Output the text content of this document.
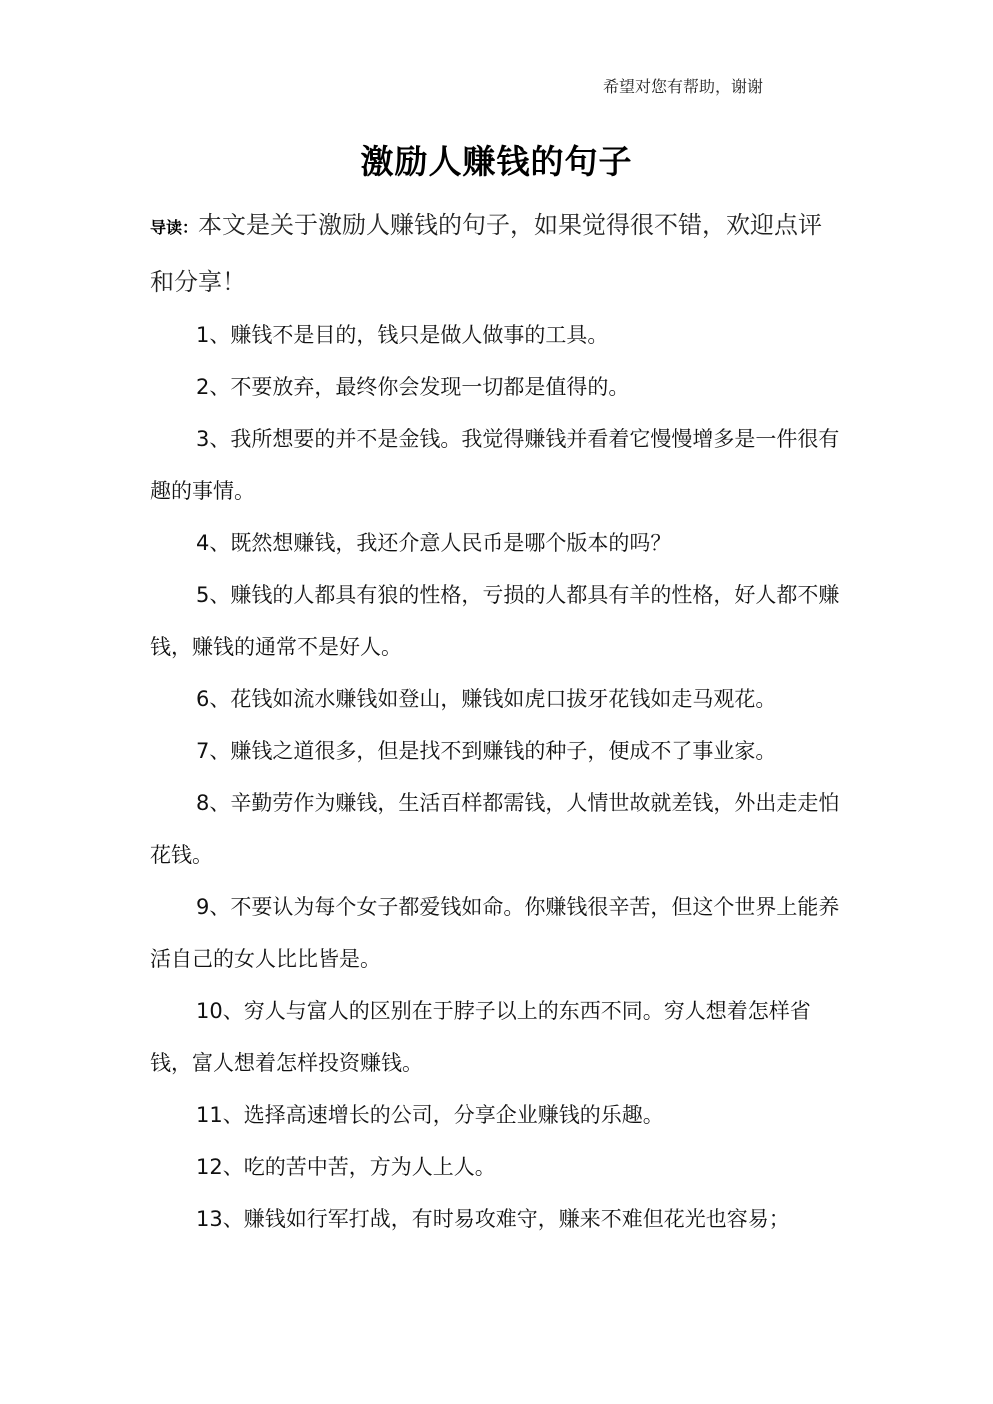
希望对您有帮助，谢谢
激励人赚钱的句子

导读：本文是关于激励人赚钱的句子，如果觉得很不错，欢迎点评和分享！

1、赚钱不是目的，钱只是做人做事的工具。
2、不要放弃，最终你会发现一切都是值得的。
3、我所想要的并不是金钱。我觉得赚钱并看着它慢慢增多是一件很有趣的事情。
4、既然想赚钱，我还介意人民币是哪个版本的吗？
5、赚钱的人都具有狼的性格，亏损的人都具有羊的性格，好人都不赚钱，赚钱的通常不是好人。
6、花钱如流水赚钱如登山，赚钱如虎口拔牙花钱如走马观花。
7、赚钱之道很多，但是找不到赚钱的种子，便成不了事业家。
8、辛勤劳作为赚钱，生活百样都需钱，人情世故就差钱，外出走走怕花钱。
9、不要认为每个女子都爱钱如命。你赚钱很辛苦，但这个世界上能养活自己的女人比比皆是。
10、穷人与富人的区别在于脖子以上的东西不同。穷人想着怎样省钱，富人想着怎样投资赚钱。
11、选择高速增长的公司，分享企业赚钱的乐趣。
12、吃的苦中苦，方为人上人。
13、赚钱如行军打战，有时易攻难守，赚来不难但花光也容易；
